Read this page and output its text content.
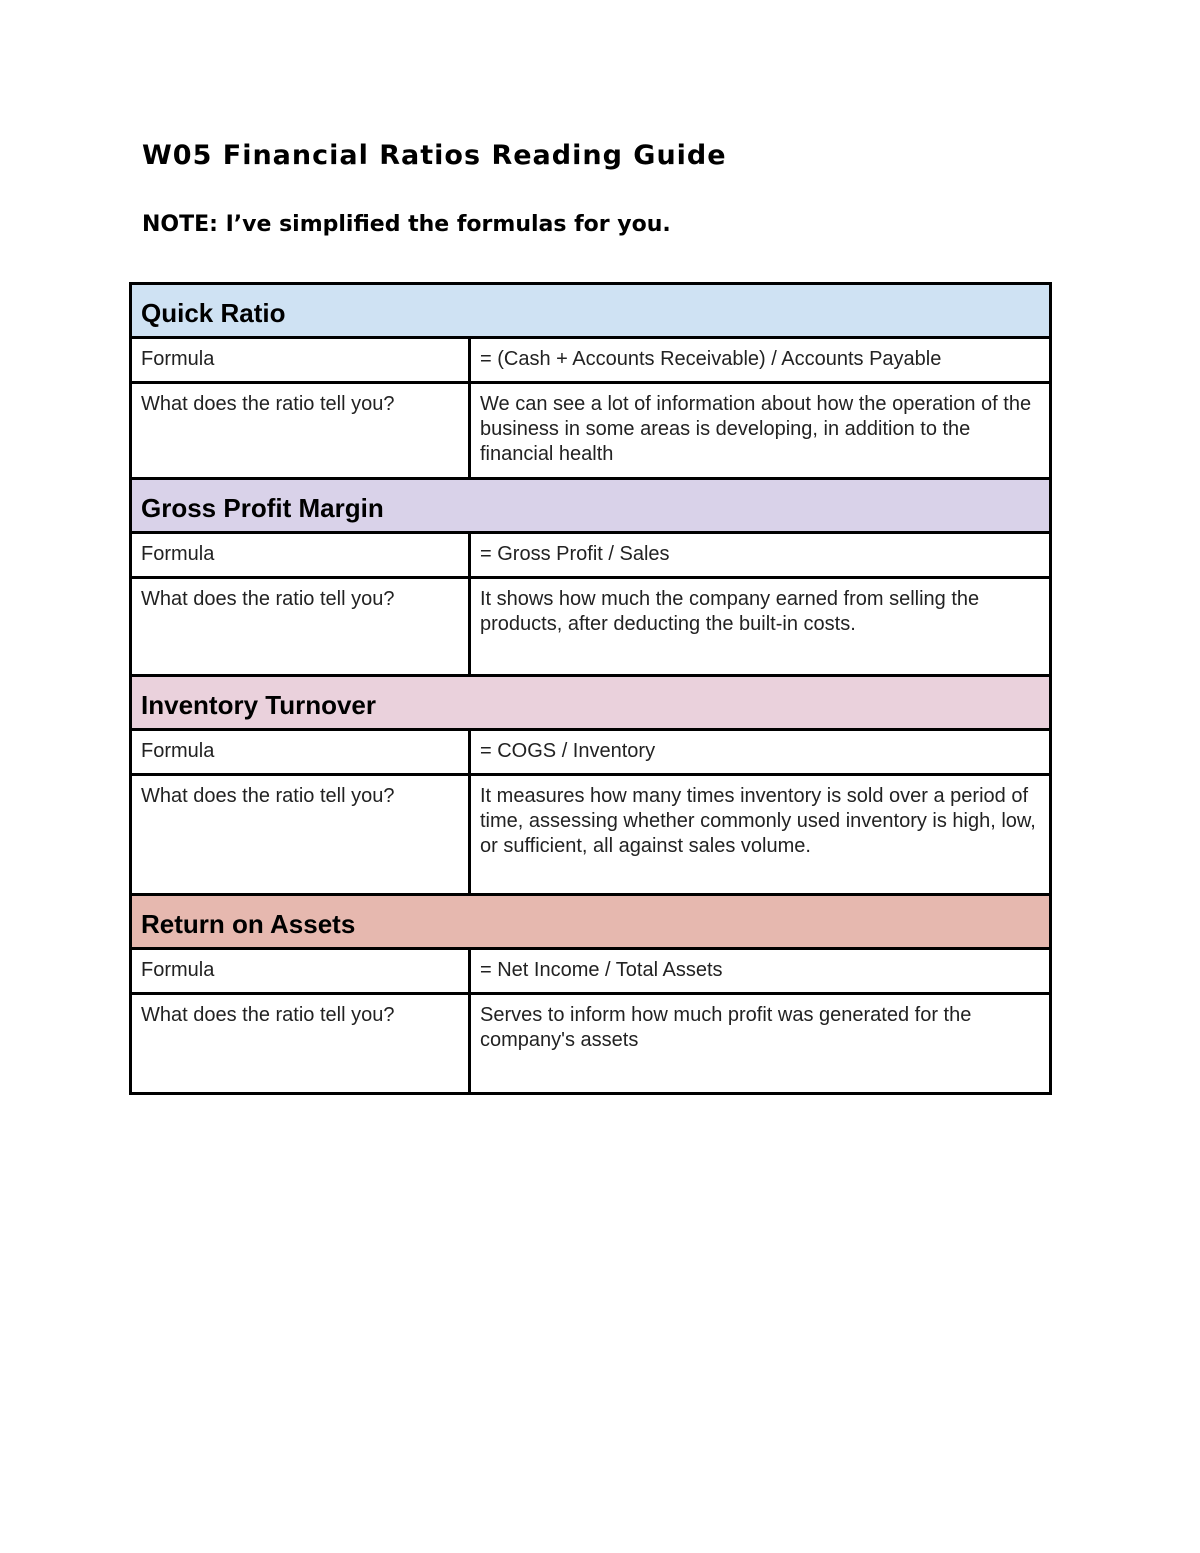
W05 Financial Ratios Reading Guide

NOTE: I’ve simplified the formulas for you.

Quick Ratio	
Formula	= (Cash + Accounts Receivable) / Accounts Payable
What does the ratio tell you?	We can see a lot of information about how the operation of the business in some areas is developing, in addition to the financial health
Gross Profit Margin	
Formula	= Gross Profit / Sales
What does the ratio tell you?	It shows how much the company earned from selling the products, after deducting the built-in costs.
Inventory Turnover	
Formula	= COGS / Inventory
What does the ratio tell you?	It measures how many times inventory is sold over a period of time, assessing whether commonly used inventory is high, low, or sufficient, all against sales volume.
Return on Assets	
Formula	= Net Income / Total Assets
What does the ratio tell you?	Serves to inform how much profit was generated for the company's assets
